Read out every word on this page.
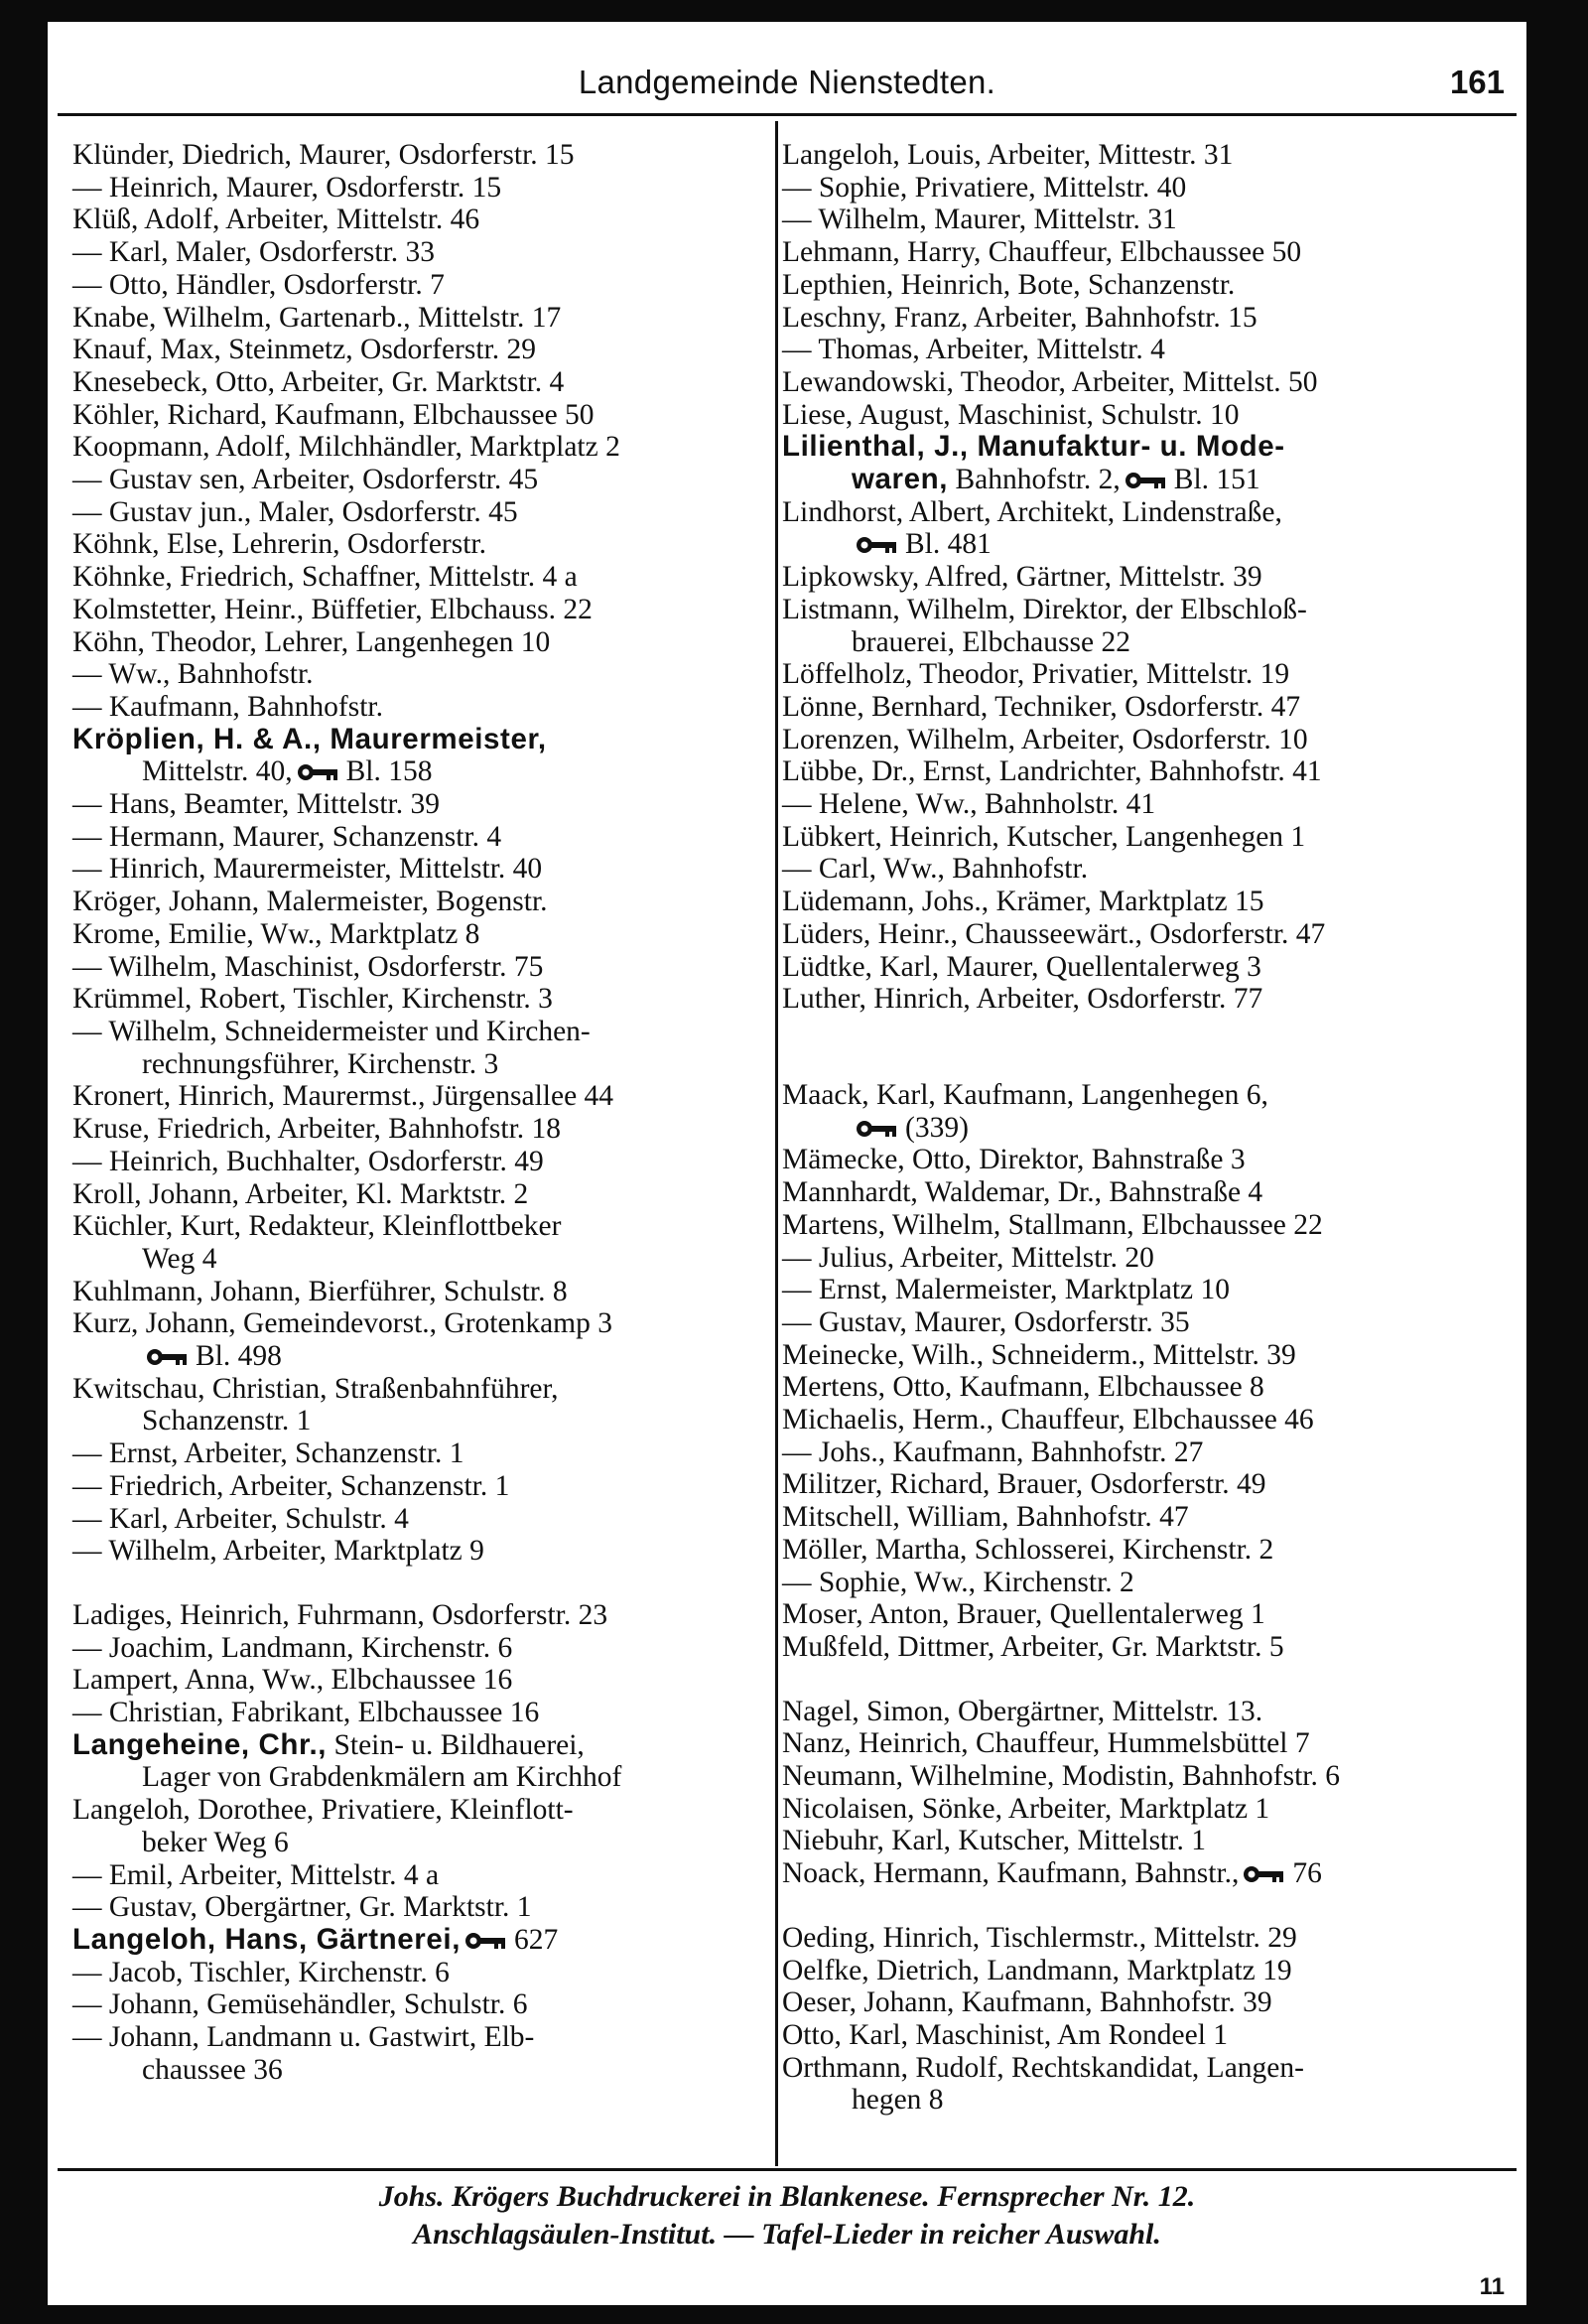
Landgemeinde Nienstedten.	161
Klünder, Diedrich, Maurer, Osdorferstr. 15
— Heinrich, Maurer, Osdorferstr. 15
Klüß, Adolf, Arbeiter, Mittelstr. 46
— Karl, Maler, Osdorferstr. 33
— Otto, Händler, Osdorferstr. 7
Knabe, Wilhelm, Gartenarb., Mittelstr. 17
Knauf, Max, Steinmetz, Osdorferstr. 29
Knesebeck, Otto, Arbeiter, Gr. Marktstr. 4
Köhler, Richard, Kaufmann, Elbchaussee 50
Koopmann, Adolf, Milchhändler, Marktplatz 2
— Gustav sen, Arbeiter, Osdorferstr. 45
— Gustav jun., Maler, Osdorferstr. 45
Köhnk, Else, Lehrerin, Osdorferstr.
Köhnke, Friedrich, Schaffner, Mittelstr. 4 a
Kolmstetter, Heinr., Büffetier, Elbchauss. 22
Köhn, Theodor, Lehrer, Langenhegen 10
— Ww., Bahnhofstr.
— Kaufmann, Bahnhofstr.
Kröplien, H. & A., Maurermeister,
Mittelstr. 40, Bl. 158
— Hans, Beamter, Mittelstr. 39
— Hermann, Maurer, Schanzenstr. 4
— Hinrich, Maurermeister, Mittelstr. 40
Kröger, Johann, Malermeister, Bogenstr.
Krome, Emilie, Ww., Marktplatz 8
— Wilhelm, Maschinist, Osdorferstr. 75
Krümmel, Robert, Tischler, Kirchenstr. 3
— Wilhelm, Schneidermeister und Kirchen-
rechnungsführer, Kirchenstr. 3
Kronert, Hinrich, Maurermst., Jürgensallee 44
Kruse, Friedrich, Arbeiter, Bahnhofstr. 18
— Heinrich, Buchhalter, Osdorferstr. 49
Kroll, Johann, Arbeiter, Kl. Marktstr. 2
Küchler, Kurt, Redakteur, Kleinflottbeker
Weg 4
Kuhlmann, Johann, Bierführer, Schulstr. 8
Kurz, Johann, Gemeindevorst., Grotenkamp 3
Bl. 498
Kwitschau, Christian, Straßenbahnführer,
Schanzenstr. 1
— Ernst, Arbeiter, Schanzenstr. 1
— Friedrich, Arbeiter, Schanzenstr. 1
— Karl, Arbeiter, Schulstr. 4
— Wilhelm, Arbeiter, Marktplatz 9
Ladiges, Heinrich, Fuhrmann, Osdorferstr. 23
— Joachim, Landmann, Kirchenstr. 6
Lampert, Anna, Ww., Elbchaussee 16
— Christian, Fabrikant, Elbchaussee 16
Langeheine, Chr., Stein- u. Bildhauerei,
Lager von Grabdenkmälern am Kirchhof
Langeloh, Dorothee, Privatiere, Kleinflott-
beker Weg 6
— Emil, Arbeiter, Mittelstr. 4 a
— Gustav, Obergärtner, Gr. Marktstr. 1
Langeloh, Hans, Gärtnerei, 627
— Jacob, Tischler, Kirchenstr. 6
— Johann, Gemüsehändler, Schulstr. 6
— Johann, Landmann u. Gastwirt, Elb-
chaussee 36
Langeloh, Louis, Arbeiter, Mittestr. 31
— Sophie, Privatiere, Mittelstr. 40
— Wilhelm, Maurer, Mittelstr. 31
Lehmann, Harry, Chauffeur, Elbchaussee 50
Lepthien, Heinrich, Bote, Schanzenstr.
Leschny, Franz, Arbeiter, Bahnhofstr. 15
— Thomas, Arbeiter, Mittelstr. 4
Lewandowski, Theodor, Arbeiter, Mittelst. 50
Liese, August, Maschinist, Schulstr. 10
Lilienthal, J., Manufaktur- u. Mode-
waren, Bahnhofstr. 2, Bl. 151
Lindhorst, Albert, Architekt, Lindenstraße,
Bl. 481
Lipkowsky, Alfred, Gärtner, Mittelstr. 39
Listmann, Wilhelm, Direktor, der Elbschloß-
brauerei, Elbchausse 22
Löffelholz, Theodor, Privatier, Mittelstr. 19
Lönne, Bernhard, Techniker, Osdorferstr. 47
Lorenzen, Wilhelm, Arbeiter, Osdorferstr. 10
Lübbe, Dr., Ernst, Landrichter, Bahnhofstr. 41
— Helene, Ww., Bahnholstr. 41
Lübkert, Heinrich, Kutscher, Langenhegen 1
— Carl, Ww., Bahnhofstr.
Lüdemann, Johs., Krämer, Marktplatz 15
Lüders, Heinr., Chausseewärt., Osdorferstr. 47
Lüdtke, Karl, Maurer, Quellentalerweg 3
Luther, Hinrich, Arbeiter, Osdorferstr. 77
Maack, Karl, Kaufmann, Langenhegen 6,
(339)
Mämecke, Otto, Direktor, Bahnstraße 3
Mannhardt, Waldemar, Dr., Bahnstraße 4
Martens, Wilhelm, Stallmann, Elbchaussee 22
— Julius, Arbeiter, Mittelstr. 20
— Ernst, Malermeister, Marktplatz 10
— Gustav, Maurer, Osdorferstr. 35
Meinecke, Wilh., Schneiderm., Mittelstr. 39
Mertens, Otto, Kaufmann, Elbchaussee 8
Michaelis, Herm., Chauffeur, Elbchaussee 46
— Johs., Kaufmann, Bahnhofstr. 27
Militzer, Richard, Brauer, Osdorferstr. 49
Mitschell, William, Bahnhofstr. 47
Möller, Martha, Schlosserei, Kirchenstr. 2
— Sophie, Ww., Kirchenstr. 2
Moser, Anton, Brauer, Quellentalerweg 1
Mußfeld, Dittmer, Arbeiter, Gr. Marktstr. 5
Nagel, Simon, Obergärtner, Mittelstr. 13.
Nanz, Heinrich, Chauffeur, Hummelsbüttel 7
Neumann, Wilhelmine, Modistin, Bahnhofstr. 6
Nicolaisen, Sönke, Arbeiter, Marktplatz 1
Niebuhr, Karl, Kutscher, Mittelstr. 1
Noack, Hermann, Kaufmann, Bahnstr., 76
Oeding, Hinrich, Tischlermstr., Mittelstr. 29
Oelfke, Dietrich, Landmann, Marktplatz 19
Oeser, Johann, Kaufmann, Bahnhofstr. 39
Otto, Karl, Maschinist, Am Rondeel 1
Orthmann, Rudolf, Rechtskandidat, Langen-
hegen 8
Johs. Krögers Buchdruckerei in Blankenese. Fernsprecher Nr. 12.
Anschlagsäulen-Institut. — Tafel-Lieder in reicher Auswahl.
11
